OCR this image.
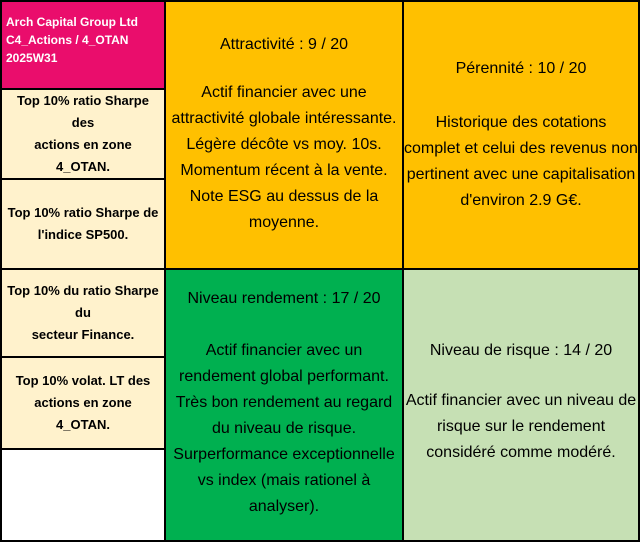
Arch Capital Group Ltd
C4_Actions / 4_OTAN
2025W31
Top 10% ratio Sharpe des
actions en zone 4_OTAN.
Top 10% ratio Sharpe de
l'indice SP500.
Top 10% du ratio Sharpe du
secteur Finance.
Top 10% volat. LT des
actions en zone 4_OTAN.
Attractivité : 9 / 20
Actif financier avec une
attractivité globale intéressante.
Légère décôte vs moy. 10s.
Momentum récent à la vente.
Note ESG au dessus de la
moyenne.
Pérennité : 10 / 20
Historique des cotations
complet et celui des revenus non
pertinent avec une capitalisation
d'environ 2.9 G€.
Niveau rendement : 17 / 20
Actif financier avec un
rendement global performant.
Très bon rendement au regard
du niveau de risque.
Surperformance exceptionnelle
vs index (mais rationel à
analyser).
Niveau de risque : 14 / 20
Actif financier avec un niveau de
risque sur le rendement
considéré comme modéré.
